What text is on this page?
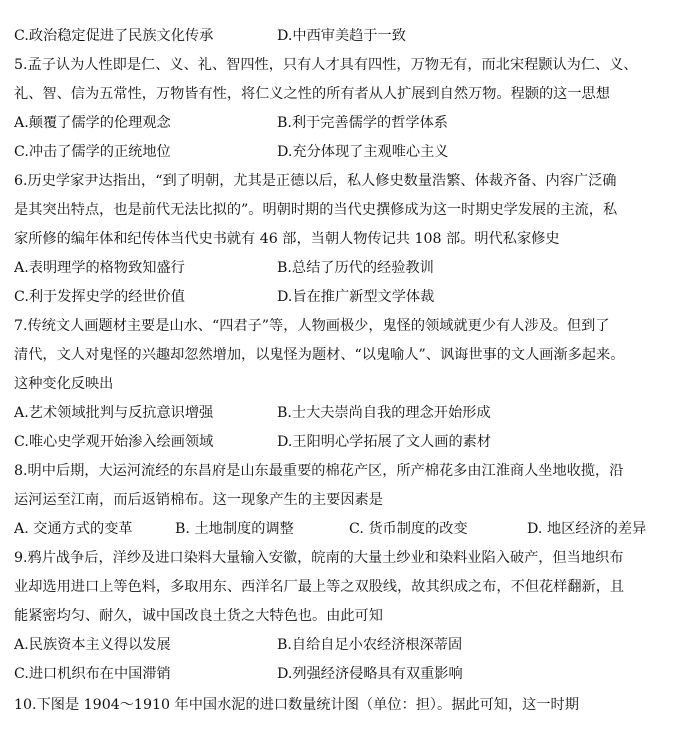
C.政治稳定促进了民族文化传承	D.中西审美趋于一致
5.孟子认为人性即是仁、义、礼、智四性，只有人才具有四性，万物无有，而北宋程颢认为仁、义、
礼、智、信为五常性，万物皆有性，将仁义之性的所有者从人扩展到自然万物。程颢的这一思想
A.颠覆了儒学的伦理观念	B.利于完善儒学的哲学体系
C.冲击了儒学的正统地位	D.充分体现了主观唯心主义
6.历史学家尹达指出，“到了明朝，尤其是正德以后，私人修史数量浩繁、体裁齐备、内容广泛确
是其突出特点，也是前代无法比拟的”。明朝时期的当代史撰修成为这一时期史学发展的主流，私
家所修的编年体和纪传体当代史书就有 46 部，当朝人物传记共 108 部。明代私家修史
A.表明理学的格物致知盛行	B.总结了历代的经验教训
C.利于发挥史学的经世价值	D.旨在推广新型文学体裁
7.传统文人画题材主要是山水、“四君子”等，人物画极少，鬼怪的领域就更少有人涉及。但到了
清代，文人对鬼怪的兴趣却忽然增加，以鬼怪为题材、“以鬼喻人”、讽诲世事的文人画渐多起来。
这种变化反映出
A.艺术领域批判与反抗意识增强	B.士大夫崇尚自我的理念开始形成
C.唯心史学观开始渗入绘画领域	D.王阳明心学拓展了文人画的素材
8.明中后期，大运河流经的东昌府是山东最重要的棉花产区，所产棉花多由江淮商人坐地收揽，沿
运河运至江南，而后返销棉布。这一现象产生的主要因素是
A. 交通方式的变革	B. 土地制度的调整	C. 货币制度的改变	D. 地区经济的差异
9.鸦片战争后，洋纱及进口染料大量输入安徽，皖南的大量土纱业和染料业陷入破产，但当地织布
业却选用进口上等色料，多取用东、西洋名厂最上等之双股线，故其织成之布，不但花样翻新，且
能紧密均匀、耐久，诚中国改良土货之大特色也。由此可知
A.民族资本主义得以发展	B.自给自足小农经济根深蒂固
C.进口机织布在中国滞销	D.列强经济侵略具有双重影响
10.下图是 1904～1910 年中国水泥的进口数量统计图（单位：担）。据此可知，这一时期
